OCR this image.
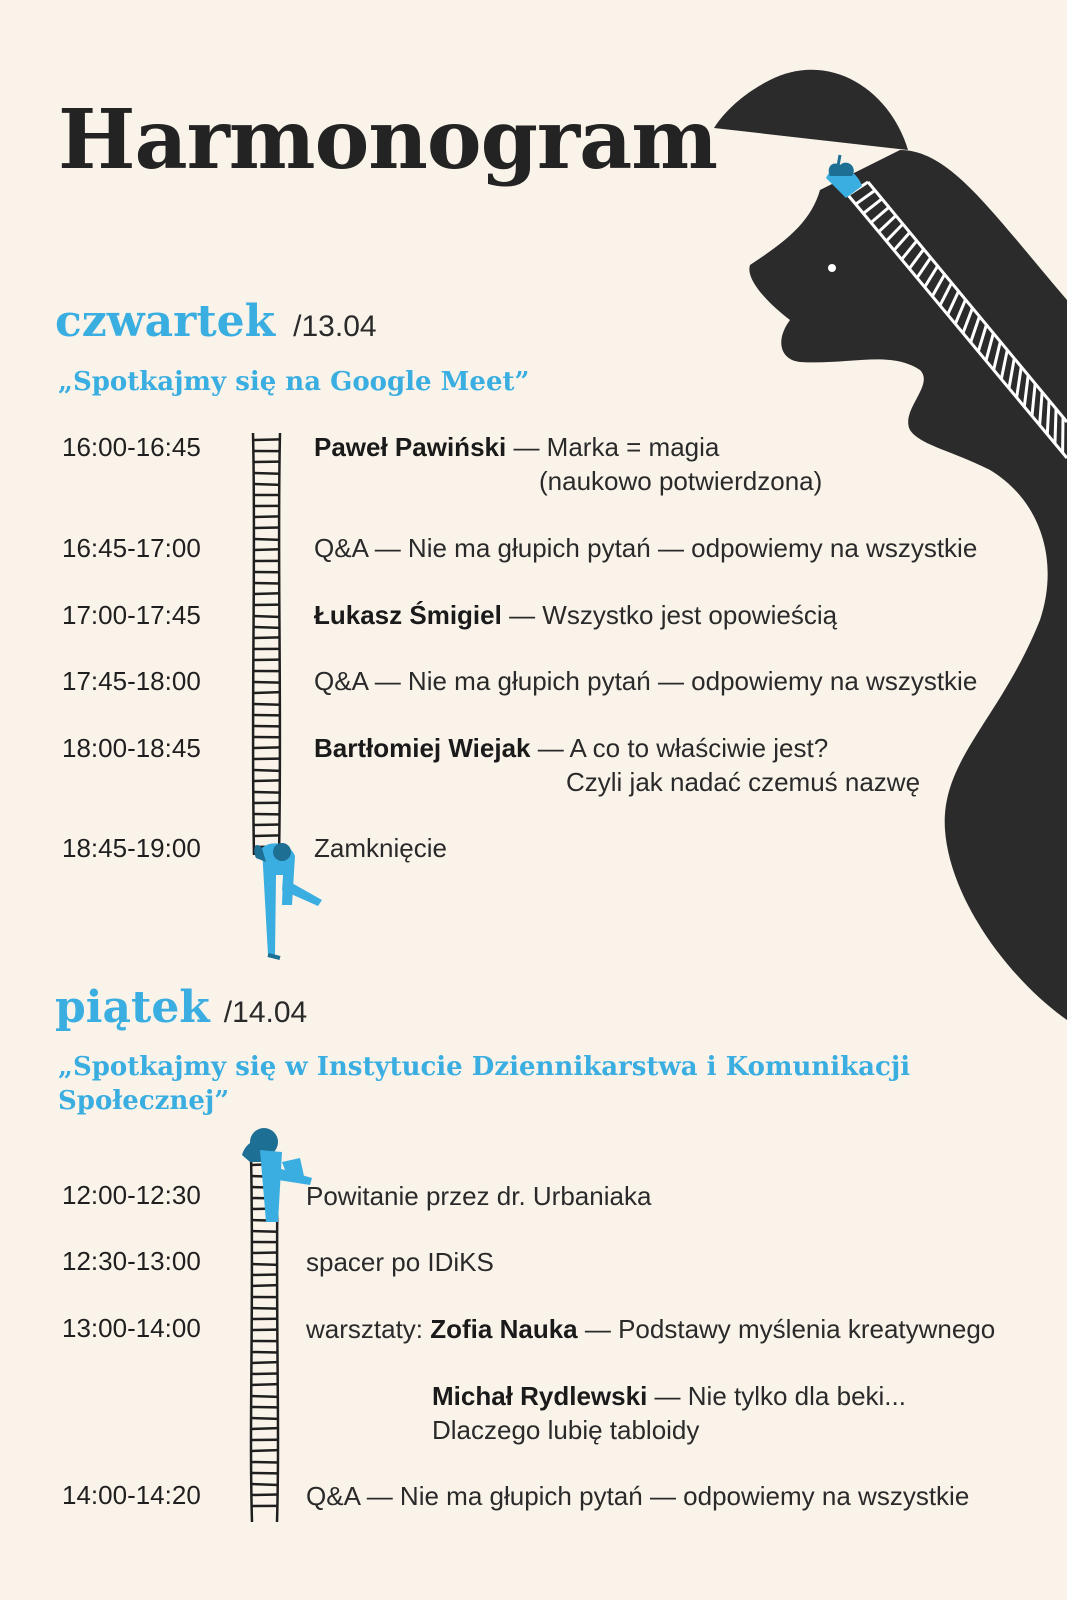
Harmonogram
czwartek /13.04
„Spotkajmy się na Google Meet”
16:00-16:45	Paweł Pawiński — Marka = magia
(naukowo potwierdzona)
16:45-17:00	Q&A — Nie ma głupich pytań — odpowiemy na wszystkie
17:00-17:45	Łukasz Śmigiel — Wszystko jest opowieścią
17:45-18:00	Q&A — Nie ma głupich pytań — odpowiemy na wszystkie
18:00-18:45	Bartłomiej Wiejak — A co to właściwie jest?
Czyli jak nadać czemuś nazwę
18:45-19:00	Zamknięcie
piątek /14.04
„Spotkajmy się w Instytucie Dziennikarstwa i Komunikacji
Społecznej”
12:00-12:30	Powitanie przez dr. Urbaniaka
12:30-13:00	spacer po IDiKS
13:00-14:00	warsztaty: Zofia Nauka — Podstawy myślenia kreatywnego
Michał Rydlewski — Nie tylko dla beki...
Dlaczego lubię tabloidy
14:00-14:20	Q&A — Nie ma głupich pytań — odpowiemy na wszystkie
